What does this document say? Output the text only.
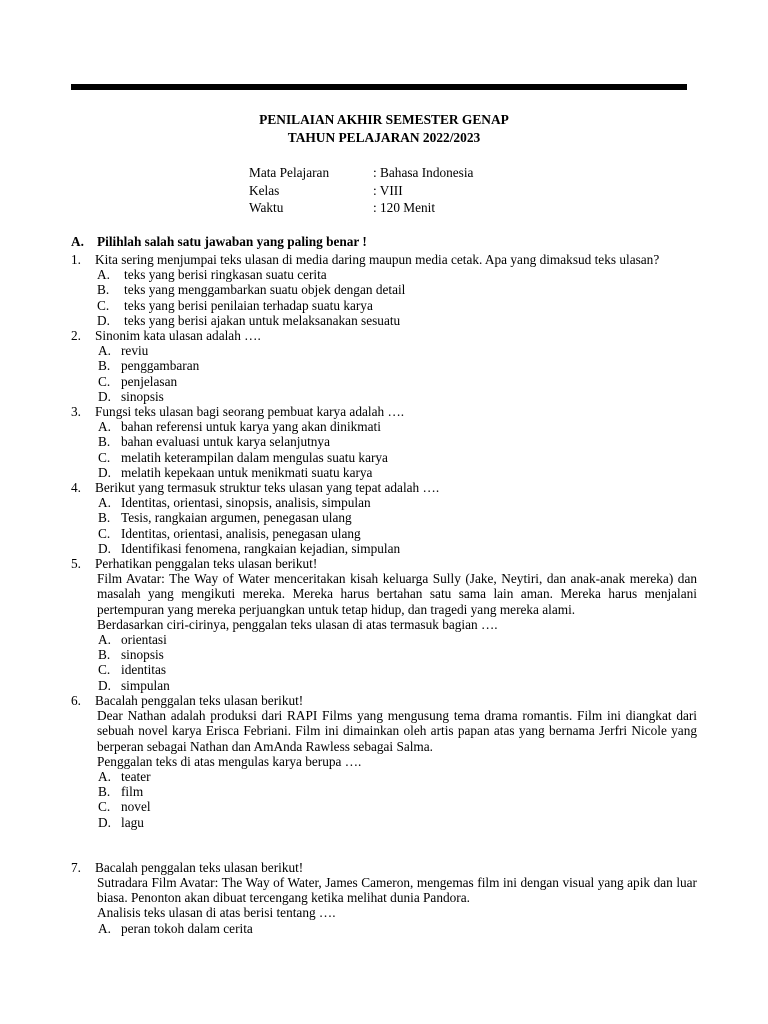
PENILAIAN AKHIR SEMESTER GENAP
TAHUN PELAJARAN 2022/2023
Mata Pelajaran	: Bahasa Indonesia
Kelas	: VIII
Waktu	: 120 Menit
A. Pilihlah salah satu jawaban yang paling benar !
1.	Kita sering menjumpai teks ulasan di media daring maupun media cetak. Apa yang dimaksud teks ulasan?
A.	teks yang berisi ringkasan suatu cerita
B.	teks yang menggambarkan suatu objek dengan detail
C.	teks yang berisi penilaian terhadap suatu karya
D.	teks yang berisi ajakan untuk melaksanakan sesuatu
2.	Sinonim kata ulasan adalah ….
A. reviu
B. penggambaran
C. penjelasan
D. sinopsis
3.	Fungsi teks ulasan bagi seorang pembuat karya adalah ….
A. bahan referensi untuk karya yang akan dinikmati
B. bahan evaluasi untuk karya selanjutnya
C. melatih keterampilan dalam mengulas suatu karya
D. melatih kepekaan untuk menikmati suatu karya
4.	Berikut yang termasuk struktur teks ulasan yang tepat adalah ….
A. Identitas, orientasi, sinopsis, analisis, simpulan
B. Tesis, rangkaian argumen, penegasan ulang
C. Identitas, orientasi, analisis, penegasan ulang
D. Identifikasi fenomena, rangkaian kejadian, simpulan
5.	Perhatikan penggalan teks ulasan berikut!
Film Avatar: The Way of Water menceritakan kisah keluarga Sully (Jake, Neytiri, dan anak-anak mereka) dan masalah yang mengikuti mereka. Mereka harus bertahan satu sama lain aman. Mereka harus menjalani pertempuran yang mereka perjuangkan untuk tetap hidup, dan tragedi yang mereka alami.
Berdasarkan ciri-cirinya, penggalan teks ulasan di atas termasuk bagian ….
A. orientasi
B. sinopsis
C. identitas
D. simpulan
6.	Bacalah penggalan teks ulasan berikut!
Dear Nathan adalah produksi dari RAPI Films yang mengusung tema drama romantis. Film ini diangkat dari sebuah novel karya Erisca Febriani. Film ini dimainkan oleh artis papan atas yang bernama Jerfri Nicole yang berperan sebagai Nathan dan AmAnda Rawless sebagai Salma.
Penggalan teks di atas mengulas karya berupa ….
A. teater
B. film
C. novel
D. lagu
7.	Bacalah penggalan teks ulasan berikut!
Sutradara Film Avatar: The Way of Water, James Cameron, mengemas film ini dengan visual yang apik dan luar biasa. Penonton akan dibuat tercengang ketika melihat dunia Pandora.
Analisis teks ulasan di atas berisi tentang ….
A. peran tokoh dalam cerita
